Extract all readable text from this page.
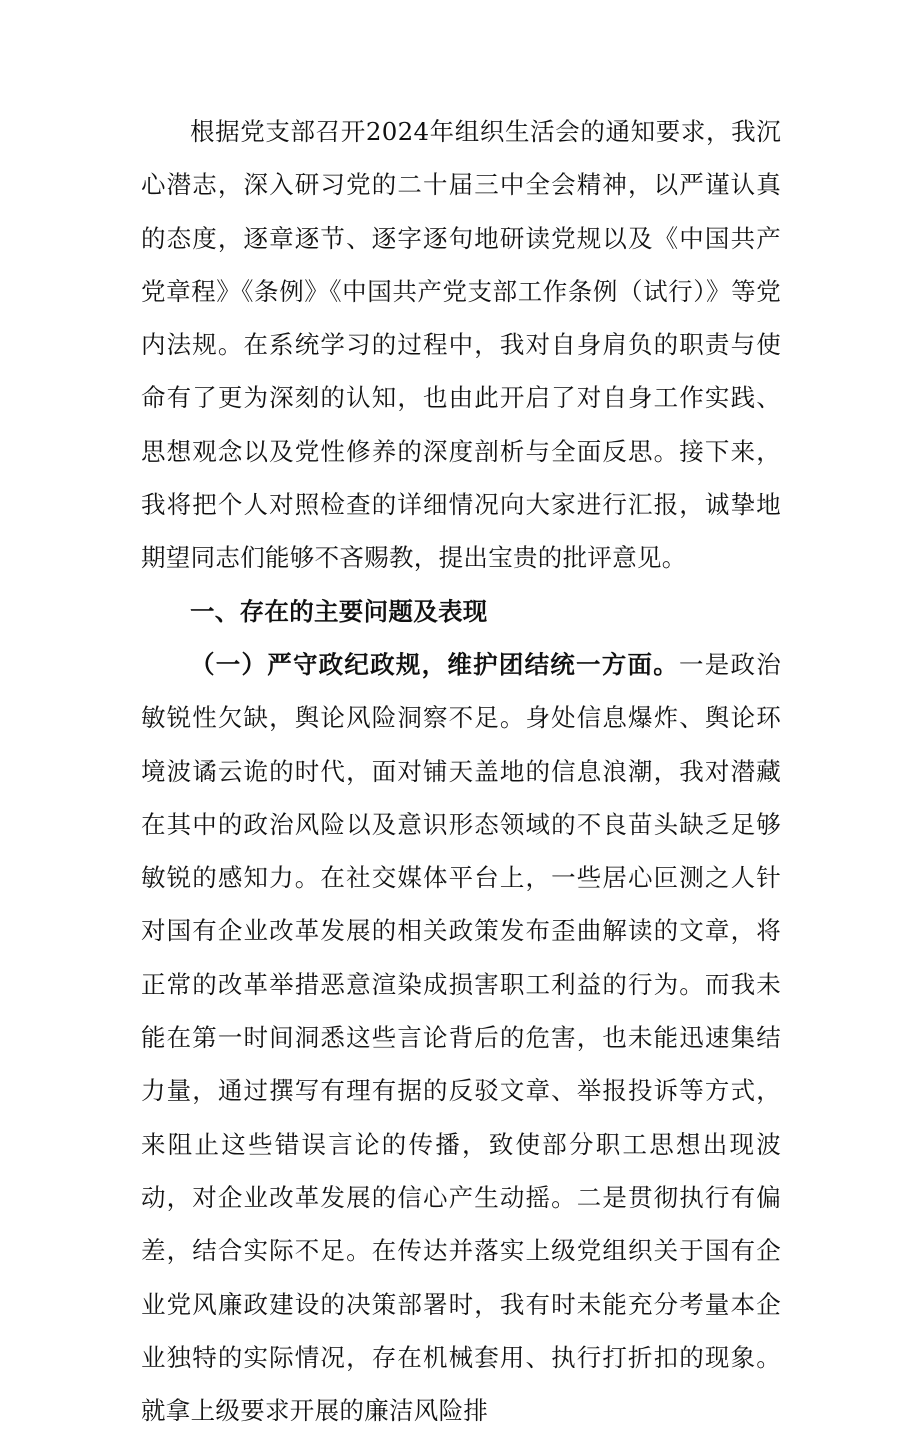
根据党支部召开2024年组织生活会的通知要求，我沉心潜志，深入研习党的二十届三中全会精神，以严谨认真的态度，逐章逐节、逐字逐句地研读党规以及《中国共产党章程》《条例》《中国共产党支部工作条例（试行）》等党内法规。在系统学习的过程中，我对自身肩负的职责与使命有了更为深刻的认知，也由此开启了对自身工作实践、思想观念以及党性修养的深度剖析与全面反思。接下来，我将把个人对照检查的详细情况向大家进行汇报，诚挚地期望同志们能够不吝赐教，提出宝贵的批评意见。

一、存在的主要问题及表现

（一）严守政纪政规，维护团结统一方面。一是政治敏锐性欠缺，舆论风险洞察不足。身处信息爆炸、舆论环境波谲云诡的时代，面对铺天盖地的信息浪潮，我对潜藏在其中的政治风险以及意识形态领域的不良苗头缺乏足够敏锐的感知力。在社交媒体平台上，一些居心叵测之人针对国有企业改革发展的相关政策发布歪曲解读的文章，将正常的改革举措恶意渲染成损害职工利益的行为。而我未能在第一时间洞悉这些言论背后的危害，也未能迅速集结力量，通过撰写有理有据的反驳文章、举报投诉等方式，来阻止这些错误言论的传播，致使部分职工思想出现波动，对企业改革发展的信心产生动摇。二是贯彻执行有偏差，结合实际不足。在传达并落实上级党组织关于国有企业党风廉政建设的决策部署时，我有时未能充分考量本企业独特的实际情况，存在机械套用、执行打折扣的现象。就拿上级要求开展的廉洁风险排
